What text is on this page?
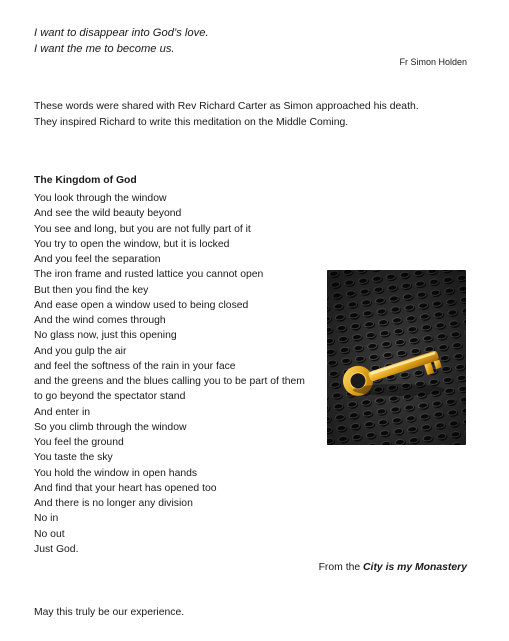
I want to disappear into God’s love.
I want the me to become us.
Fr Simon Holden
These words were shared with Rev Richard Carter as Simon approached his death.
They inspired Richard to write this meditation on the Middle Coming.
The Kingdom of God
You look through the window
And see the wild beauty beyond
You see and long, but you are not fully part of it
You try to open the window, but it is locked
And you feel the separation
The iron frame and rusted lattice you cannot open
But then you find the key
And ease open a window used to being closed
And the wind comes through
No glass now, just this opening
And you gulp the air
and feel the softness of the rain in your face
and the greens and the blues calling you to be part of them
to go beyond the spectator stand
And enter in
So you climb through the window
You feel the ground
You taste the sky
You hold the window in open hands
And find that your heart has opened too
And there is no longer any division
No in
No out
Just God.
From the City is my Monastery
May this truly be our experience.
